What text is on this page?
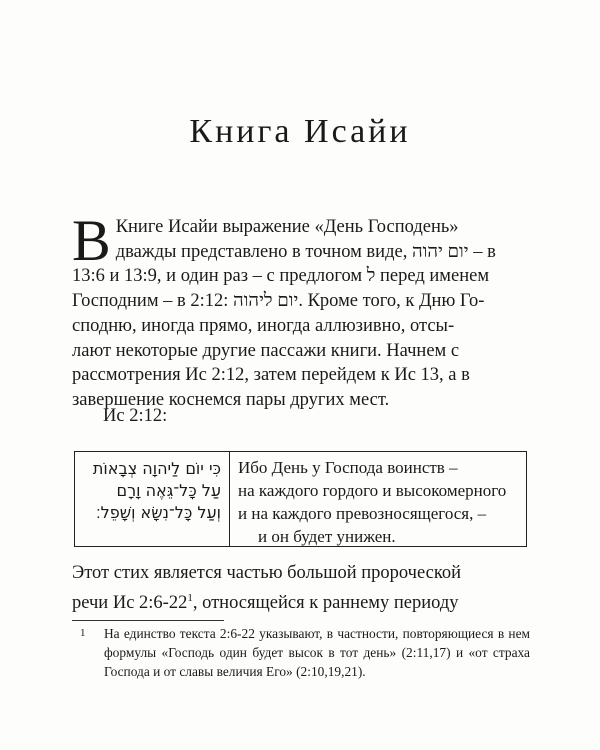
Книга Исайи
В Книге Исайи выражение «День Господень»
дважды представлено в точном виде, יום יהוה – в
13:6 и 13:9, и один раз – с предлогом ל перед именем
Господним – в 2:12: יום ליהוה. Кроме того, к Дню Го-
сподню, иногда прямо, иногда аллюзивно, отсы-
лают некоторые другие пассажи книги. Начнем с
рассмотрения Ис 2:12, затем перейдем к Ис 13, а в
завершение коснемся пары других мест.
Ис 2:12:
כִּי יוֹם לַיהוָה צְבָאוֹת
עַל כָּל־גֵּאֶה וָרָם
וְעַל כָּל־נִשָּׂא וְשָׁפֵל׃
Ибо День у Господа воинств –
на каждого гордого и высокомерного
и на каждого превозносящегося, –
и он будет унижен.
Этот стих является частью большой пророческой
речи Ис $2:6-22^1$, относящейся к раннему периоду
1 На единство текста 2:6-22 указывают, в частности, повторяющиеся в нем формулы «Господь один будет высок в тот день» (2:11,17) и «от страха Господа и от славы величия Его» (2:10,19,21).
